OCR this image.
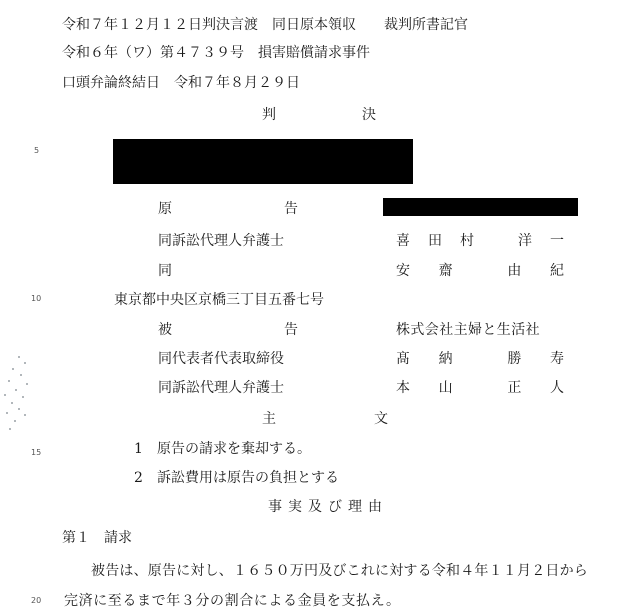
令和７年１２月１２日判決言渡　同日原本領収　　裁判所書記官
令和６年（ワ）第４７３９号　損害賠償請求事件
口頭弁論終結日　令和７年８月２９日
判	決
5
10
15
20
原	告
同訴訟代理人弁護士	喜 田 村	洋 一
同	安 齋	由 紀
東京都中央区京橋三丁目五番七号
被	告	株式会社主婦と生活社
同代表者代表取締役	髙 納	勝 寿
同訴訟代理人弁護士	本 山	正 人
主	文
1 原告の請求を棄却する。
2 訴訟費用は原告の負担とする
事実及び理由
第１　請求
被告は、原告に対し、１６５０万円及びこれに対する令和４年１１月２日から
完済に至るまで年３分の割合による金員を支払え。
